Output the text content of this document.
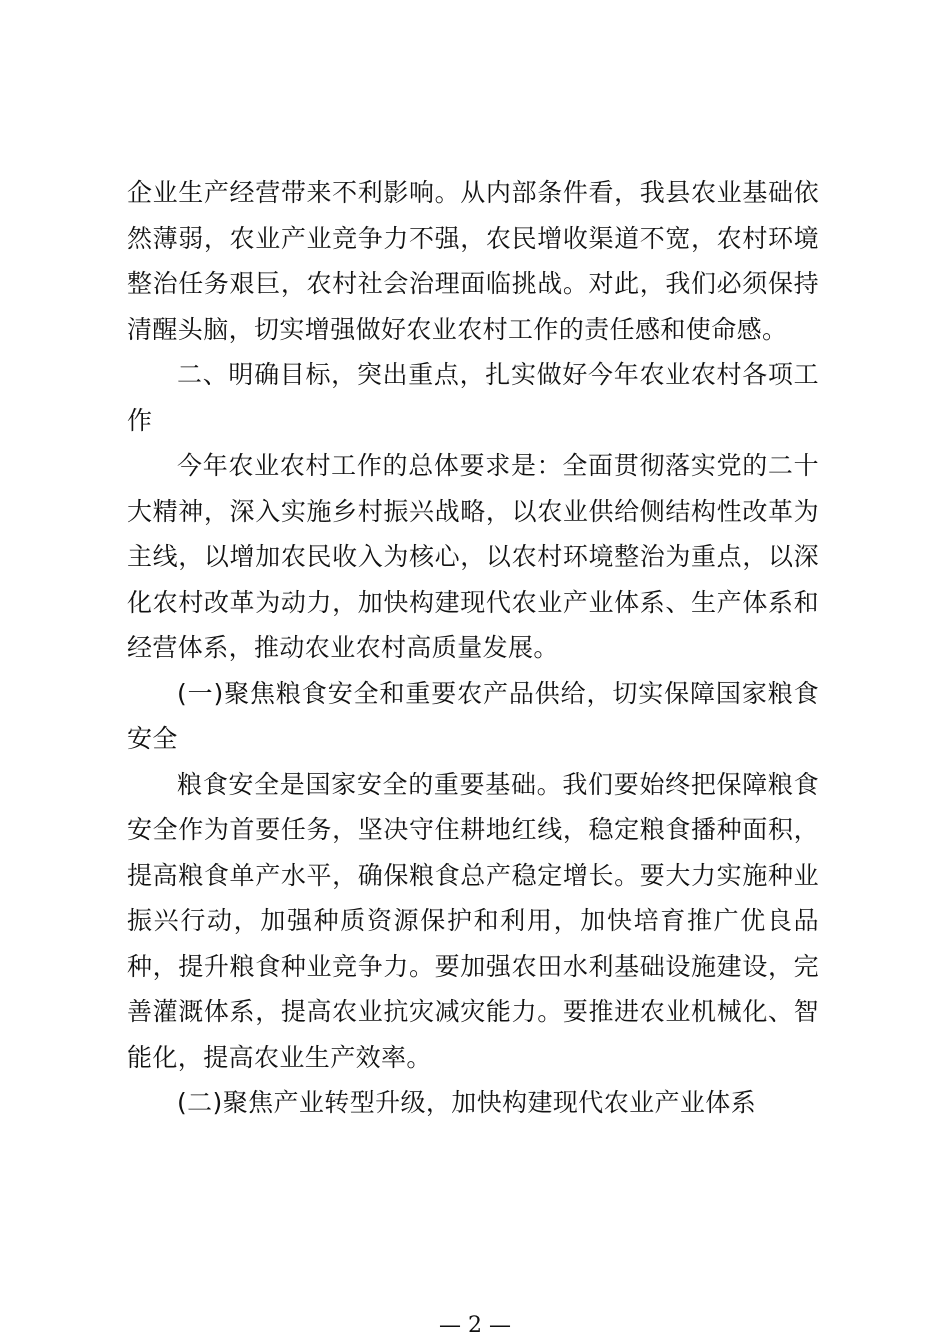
企业生产经营带来不利影响。从内部条件看，我县农业基础依然薄弱，农业产业竞争力不强，农民增收渠道不宽，农村环境整治任务艰巨，农村社会治理面临挑战。对此，我们必须保持清醒头脑，切实增强做好农业农村工作的责任感和使命感。

二、明确目标，突出重点，扎实做好今年农业农村各项工作

今年农业农村工作的总体要求是：全面贯彻落实党的二十大精神，深入实施乡村振兴战略，以农业供给侧结构性改革为主线，以增加农民收入为核心，以农村环境整治为重点，以深化农村改革为动力，加快构建现代农业产业体系、生产体系和经营体系，推动农业农村高质量发展。

(一)聚焦粮食安全和重要农产品供给，切实保障国家粮食安全

粮食安全是国家安全的重要基础。我们要始终把保障粮食安全作为首要任务，坚决守住耕地红线，稳定粮食播种面积，提高粮食单产水平，确保粮食总产稳定增长。要大力实施种业振兴行动，加强种质资源保护和利用，加快培育推广优良品种，提升粮食种业竞争力。要加强农田水利基础设施建设，完善灌溉体系，提高农业抗灾减灾能力。要推进农业机械化、智能化，提高农业生产效率。

(二)聚焦产业转型升级，加快构建现代农业产业体系

— 2 —
